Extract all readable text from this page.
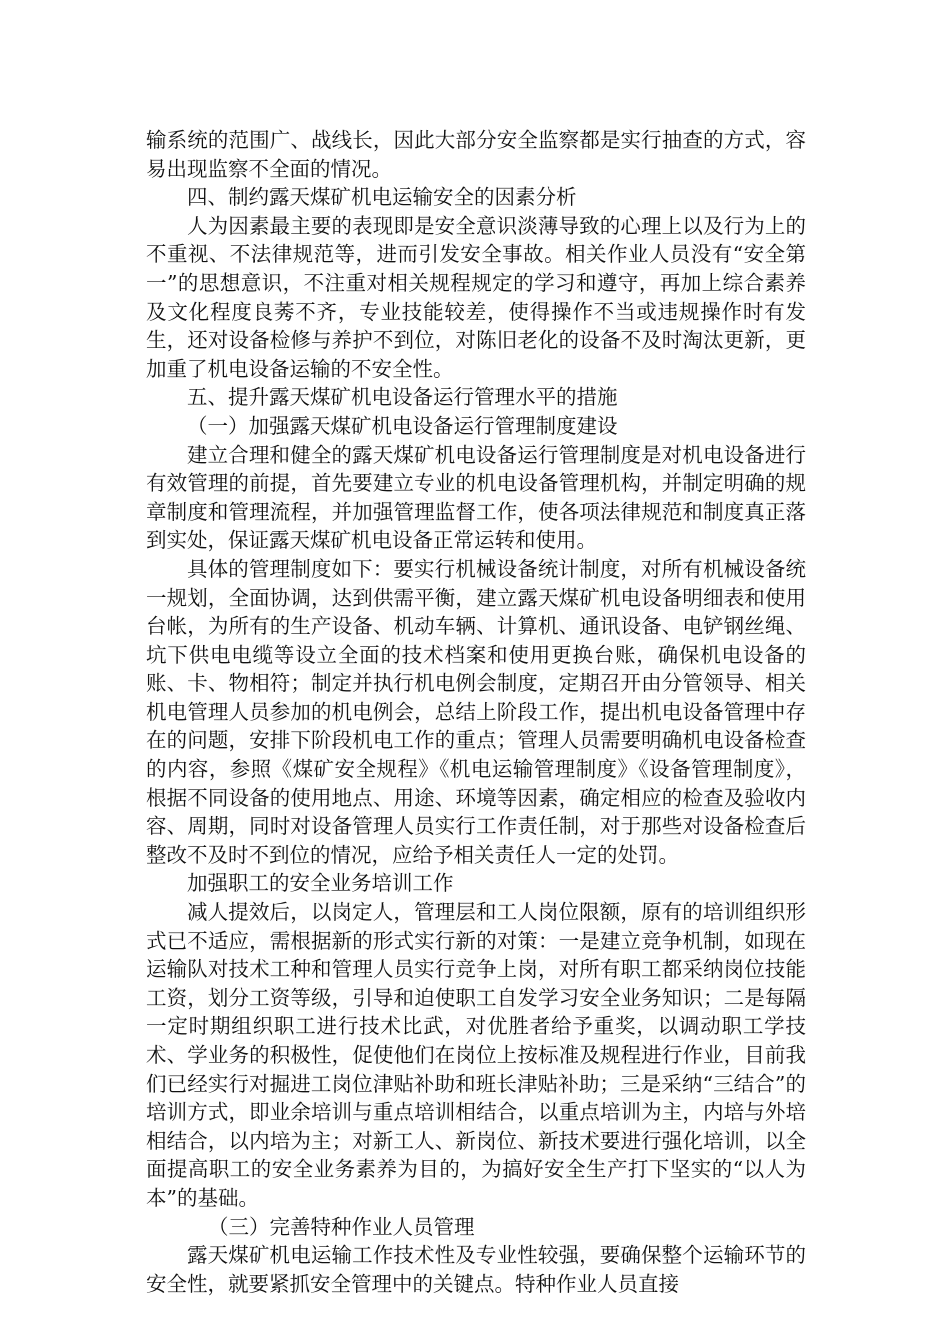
输系统的范围广、战线长，因此大部分安全监察都是实行抽查的方式，容易出现监察不全面的情况。

四、制约露天煤矿机电运输安全的因素分析

人为因素最主要的表现即是安全意识淡薄导致的心理上以及行为上的不重视、不法律规范等，进而引发安全事故。相关作业人员没有“安全第一”的思想意识，不注重对相关规程规定的学习和遵守，再加上综合素养及文化程度良莠不齐，专业技能较差，使得操作不当或违规操作时有发生，还对设备检修与养护不到位，对陈旧老化的设备不及时淘汰更新，更加重了机电设备运输的不安全性。

五、提升露天煤矿机电设备运行管理水平的措施

（一）加强露天煤矿机电设备运行管理制度建设

建立合理和健全的露天煤矿机电设备运行管理制度是对机电设备进行有效管理的前提，首先要建立专业的机电设备管理机构，并制定明确的规章制度和管理流程，并加强管理监督工作，使各项法律规范和制度真正落到实处，保证露天煤矿机电设备正常运转和使用。

具体的管理制度如下：要实行机械设备统计制度，对所有机械设备统一规划，全面协调，达到供需平衡，建立露天煤矿机电设备明细表和使用台帐，为所有的生产设备、机动车辆、计算机、通讯设备、电铲钢丝绳、坑下供电电缆等设立全面的技术档案和使用更换台账，确保机电设备的账、卡、物相符；制定并执行机电例会制度，定期召开由分管领导、相关机电管理人员参加的机电例会，总结上阶段工作，提出机电设备管理中存在的问题，安排下阶段机电工作的重点；管理人员需要明确机电设备检查的内容，参照《煤矿安全规程》《机电运输管理制度》《设备管理制度》，根据不同设备的使用地点、用途、环境等因素，确定相应的检查及验收内容、周期，同时对设备管理人员实行工作责任制，对于那些对设备检查后整改不及时不到位的情况，应给予相关责任人一定的处罚。

加强职工的安全业务培训工作

减人提效后，以岗定人，管理层和工人岗位限额，原有的培训组织形式已不适应，需根据新的形式实行新的对策：一是建立竞争机制，如现在运输队对技术工种和管理人员实行竞争上岗，对所有职工都采纳岗位技能工资，划分工资等级，引导和迫使职工自发学习安全业务知识；二是每隔一定时期组织职工进行技术比武，对优胜者给予重奖，以调动职工学技术、学业务的积极性，促使他们在岗位上按标准及规程进行作业，目前我们已经实行对掘进工岗位津贴补助和班长津贴补助；三是采纳“三结合”的培训方式，即业余培训与重点培训相结合，以重点培训为主，内培与外培相结合，以内培为主；对新工人、新岗位、新技术要进行强化培训，以全面提高职工的安全业务素养为目的，为搞好安全生产打下坚实的“以人为本”的基础。

（三）完善特种作业人员管理

露天煤矿机电运输工作技术性及专业性较强，要确保整个运输环节的安全性，就要紧抓安全管理中的关键点。特种作业人员直接
